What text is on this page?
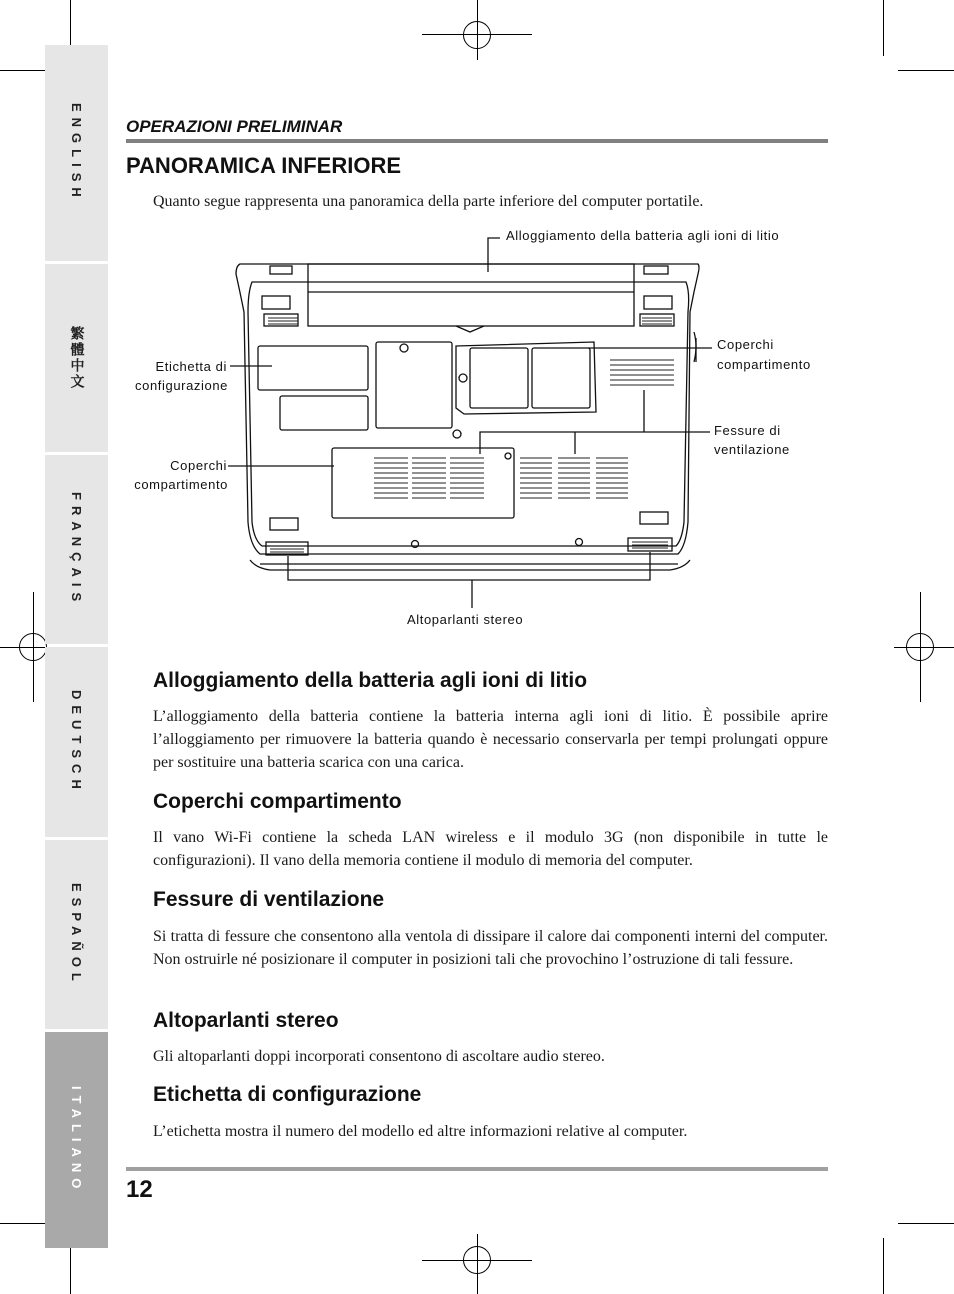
ENGLISH
繁體中文
FRANÇAIS
DEUTSCH
ESPAÑOL
ITALIANO
OPERAZIONI PRELIMINAR
PANORAMICA INFERIORE
Quanto segue rappresenta una panoramica della parte inferiore del computer portatile.
Alloggiamento della batteria agli ioni di litio
Coperchi
compartimento
Etichetta di
configurazione
Fessure di
ventilazione
Coperchi
compartimento
Altoparlanti stereo
Alloggiamento della batteria agli ioni di litio
L’alloggiamento della batteria contiene la batteria interna agli ioni di litio. È possibile aprire l’alloggiamento per rimuovere la batteria quando è necessario conservarla per tempi prolungati oppure per sostituire una batteria scarica con una carica.
Coperchi compartimento
Il vano Wi-Fi contiene la scheda LAN wireless e il modulo 3G (non disponibile in tutte le configurazioni). Il vano della memoria contiene il modulo di memoria del computer.
Fessure di ventilazione
Si tratta di fessure che consentono alla ventola di dissipare il calore dai componenti interni del computer. Non ostruirle né posizionare il computer in posizioni tali che provochino l’ostruzione di tali fessure.
Altoparlanti stereo
Gli altoparlanti doppi incorporati consentono di ascoltare audio stereo.
Etichetta di configurazione
L’etichetta mostra il numero del modello ed altre informazioni relative al computer.
12
